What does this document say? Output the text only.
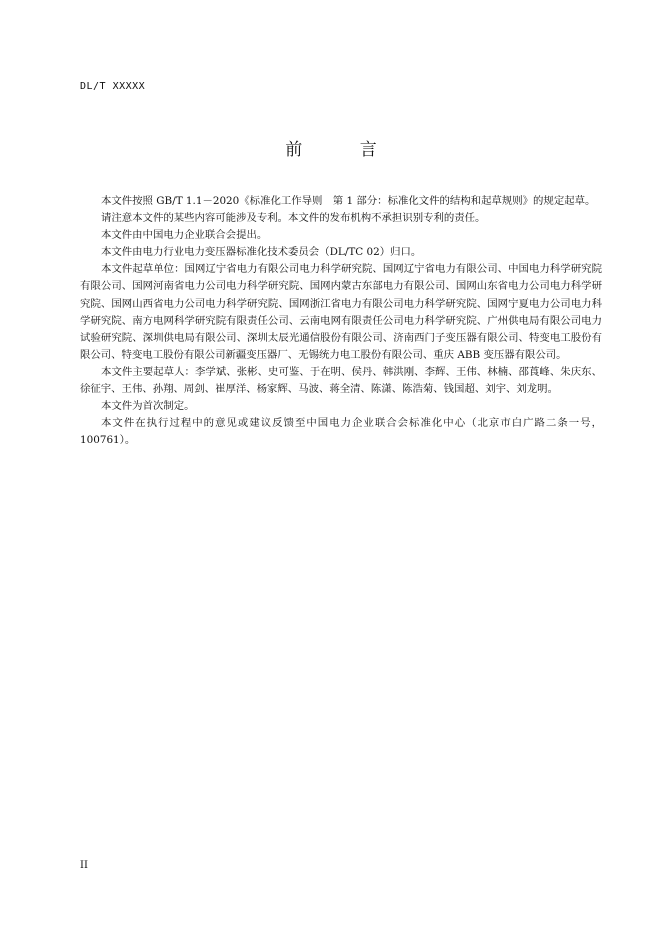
DL/T XXXXX
前 言

本文件按照 GB/T 1.1－2020《标准化工作导则　第 1 部分：标准化文件的结构和起草规则》的规定起草。

请注意本文件的某些内容可能涉及专利。本文件的发布机构不承担识别专利的责任。

本文件由中国电力企业联合会提出。

本文件由电力行业电力变压器标准化技术委员会（DL/TC 02）归口。

本文件起草单位：国网辽宁省电力有限公司电力科学研究院、国网辽宁省电力有限公司、中国电力科学研究院有限公司、国网河南省电力公司电力科学研究院、国网内蒙古东部电力有限公司、国网山东省电力公司电力科学研究院、国网山西省电力公司电力科学研究院、国网浙江省电力有限公司电力科学研究院、国网宁夏电力公司电力科学研究院、南方电网科学研究院有限责任公司、云南电网有限责任公司电力科学研究院、广州供电局有限公司电力试验研究院、深圳供电局有限公司、深圳太辰光通信股份有限公司、济南西门子变压器有限公司、特变电工股份有限公司、特变电工股份有限公司新疆变压器厂、无锡统力电工股份有限公司、重庆 ABB 变压器有限公司。

本文件主要起草人：李学斌、张彬、史可鉴、于在明、侯丹、韩洪刚、李辉、王伟、林楠、邵莨峰、朱庆东、徐征宇、王伟、孙翔、周剑、崔厚洋、杨家辉、马波、蒋全清、陈潇、陈浩菊、钱国超、刘宇、刘龙明。

本文件为首次制定。

本文件在执行过程中的意见或建议反馈至中国电力企业联合会标准化中心（北京市白广路二条一号，100761）。

II
